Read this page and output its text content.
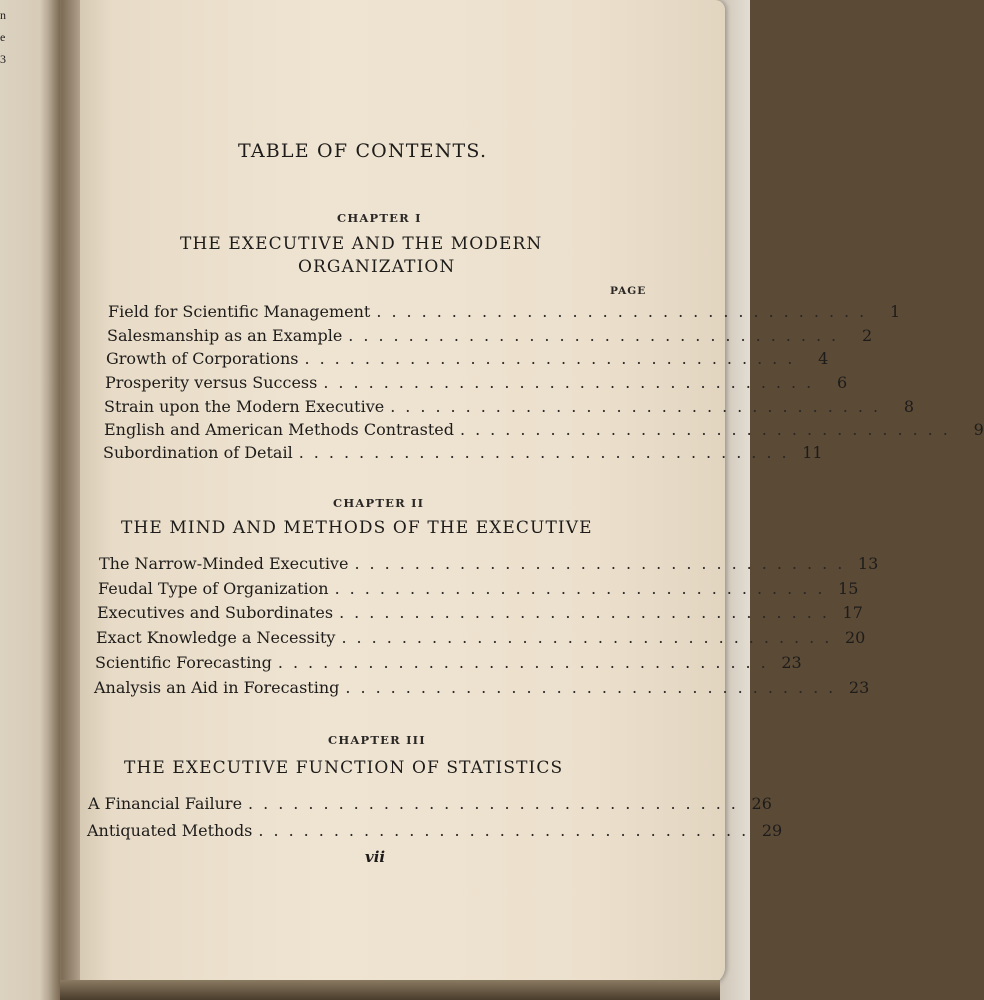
n
e
3
TABLE OF CONTENTS.
CHAPTER I
THE EXECUTIVE AND THE MODERN
ORGANIZATION
PAGE
Field for Scientific Management ................................. 1
Salesmanship as an Example ................................. 2
Growth of Corporations ................................. 4
Prosperity versus Success ................................. 6
Strain upon the Modern Executive ................................. 8
English and American Methods Contrasted ................................. 9
Subordination of Detail ................................. 11
CHAPTER II
THE MIND AND METHODS OF THE EXECUTIVE
The Narrow-Minded Executive ................................. 13
Feudal Type of Organization ................................. 15
Executives and Subordinates ................................. 17
Exact Knowledge a Necessity ................................. 20
Scientific Forecasting ................................. 23
Analysis an Aid in Forecasting ................................. 23
CHAPTER III
THE EXECUTIVE FUNCTION OF STATISTICS
A Financial Failure ................................. 26
Antiquated Methods ................................. 29
vii
